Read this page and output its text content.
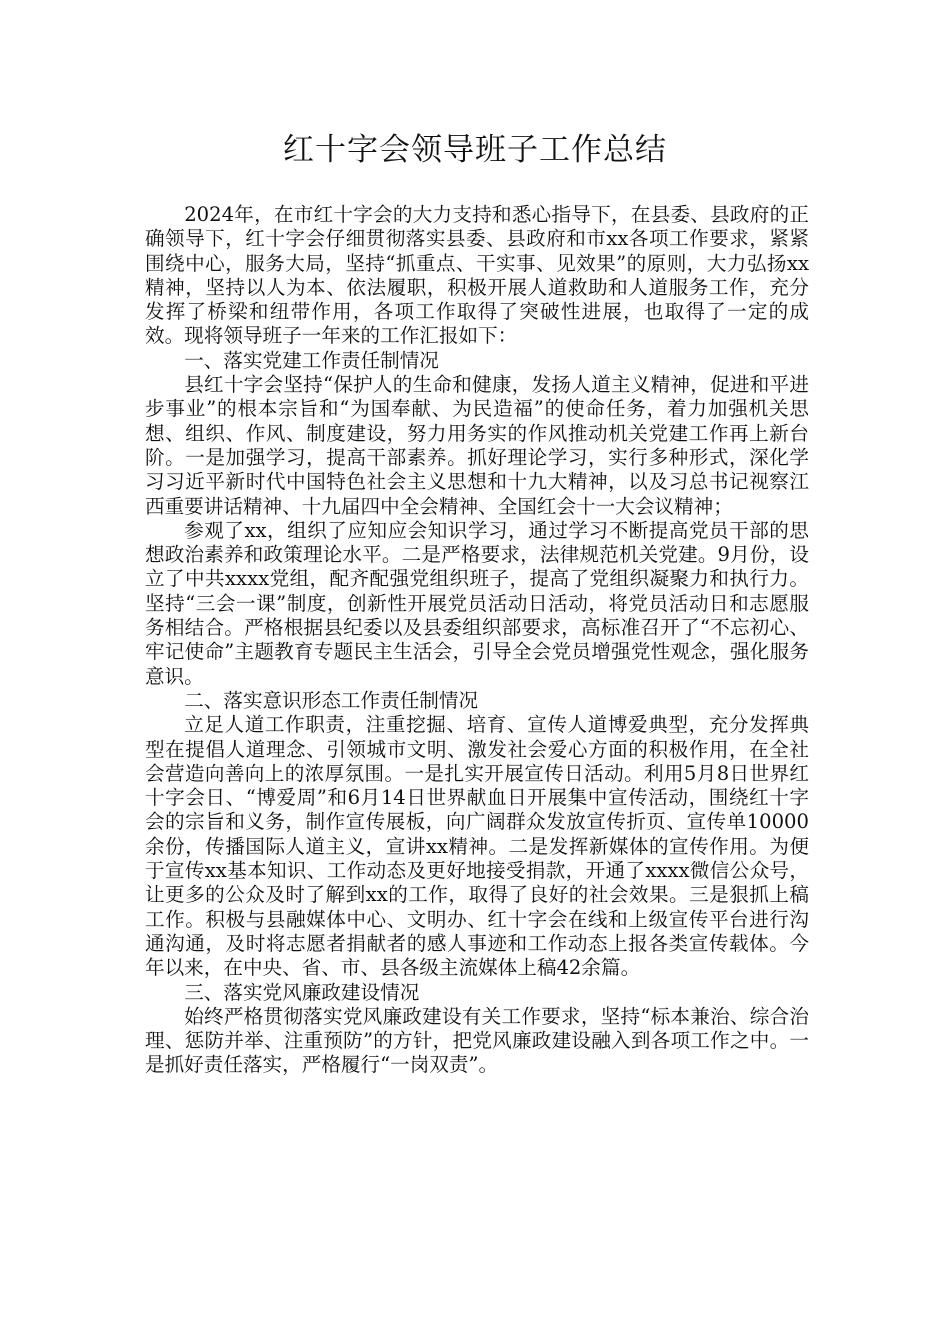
红十字会领导班子工作总结

2024年，在市红十字会的大力支持和悉心指导下，在县委、县政府的正确领导下，红十字会仔细贯彻落实县委、县政府和市xx各项工作要求，紧紧围绕中心，服务大局，坚持“抓重点、干实事、见效果”的原则，大力弘扬xx精神，坚持以人为本、依法履职，积极开展人道救助和人道服务工作，充分发挥了桥梁和纽带作用，各项工作取得了突破性进展，也取得了一定的成效。现将领导班子一年来的工作汇报如下：

一、落实党建工作责任制情况

县红十字会坚持“保护人的生命和健康，发扬人道主义精神，促进和平进步事业”的根本宗旨和“为国奉献、为民造福”的使命任务，着力加强机关思想、组织、作风、制度建设，努力用务实的作风推动机关党建工作再上新台阶。一是加强学习，提高干部素养。抓好理论学习，实行多种形式，深化学习习近平新时代中国特色社会主义思想和十九大精神，以及习总书记视察江西重要讲话精神、十九届四中全会精神、全国红会十一大会议精神；

参观了xx，组织了应知应会知识学习，通过学习不断提高党员干部的思想政治素养和政策理论水平。二是严格要求，法律规范机关党建。9月份，设立了中共xxxx党组，配齐配强党组织班子，提高了党组织凝聚力和执行力。坚持“三会一课”制度，创新性开展党员活动日活动，将党员活动日和志愿服务相结合。严格根据县纪委以及县委组织部要求，高标准召开了“不忘初心、牢记使命”主题教育专题民主生活会，引导全会党员增强党性观念，强化服务意识。

二、落实意识形态工作责任制情况

立足人道工作职责，注重挖掘、培育、宣传人道博爱典型，充分发挥典型在提倡人道理念、引领城市文明、激发社会爱心方面的积极作用，在全社会营造向善向上的浓厚氛围。一是扎实开展宣传日活动。利用5月8日世界红十字会日、“博爱周”和6月14日世界献血日开展集中宣传活动，围绕红十字会的宗旨和义务，制作宣传展板，向广阔群众发放宣传折页、宣传单10000余份，传播国际人道主义，宣讲xx精神。二是发挥新媒体的宣传作用。为便于宣传xx基本知识、工作动态及更好地接受捐款，开通了xxxx微信公众号，让更多的公众及时了解到xx的工作，取得了良好的社会效果。三是狠抓上稿工作。积极与县融媒体中心、文明办、红十字会在线和上级宣传平台进行沟通沟通，及时将志愿者捐献者的感人事迹和工作动态上报各类宣传载体。今年以来，在中央、省、市、县各级主流媒体上稿42余篇。

三、落实党风廉政建设情况

始终严格贯彻落实党风廉政建设有关工作要求，坚持“标本兼治、综合治理、惩防并举、注重预防”的方针，把党风廉政建设融入到各项工作之中。一是抓好责任落实，严格履行“一岗双责”。
